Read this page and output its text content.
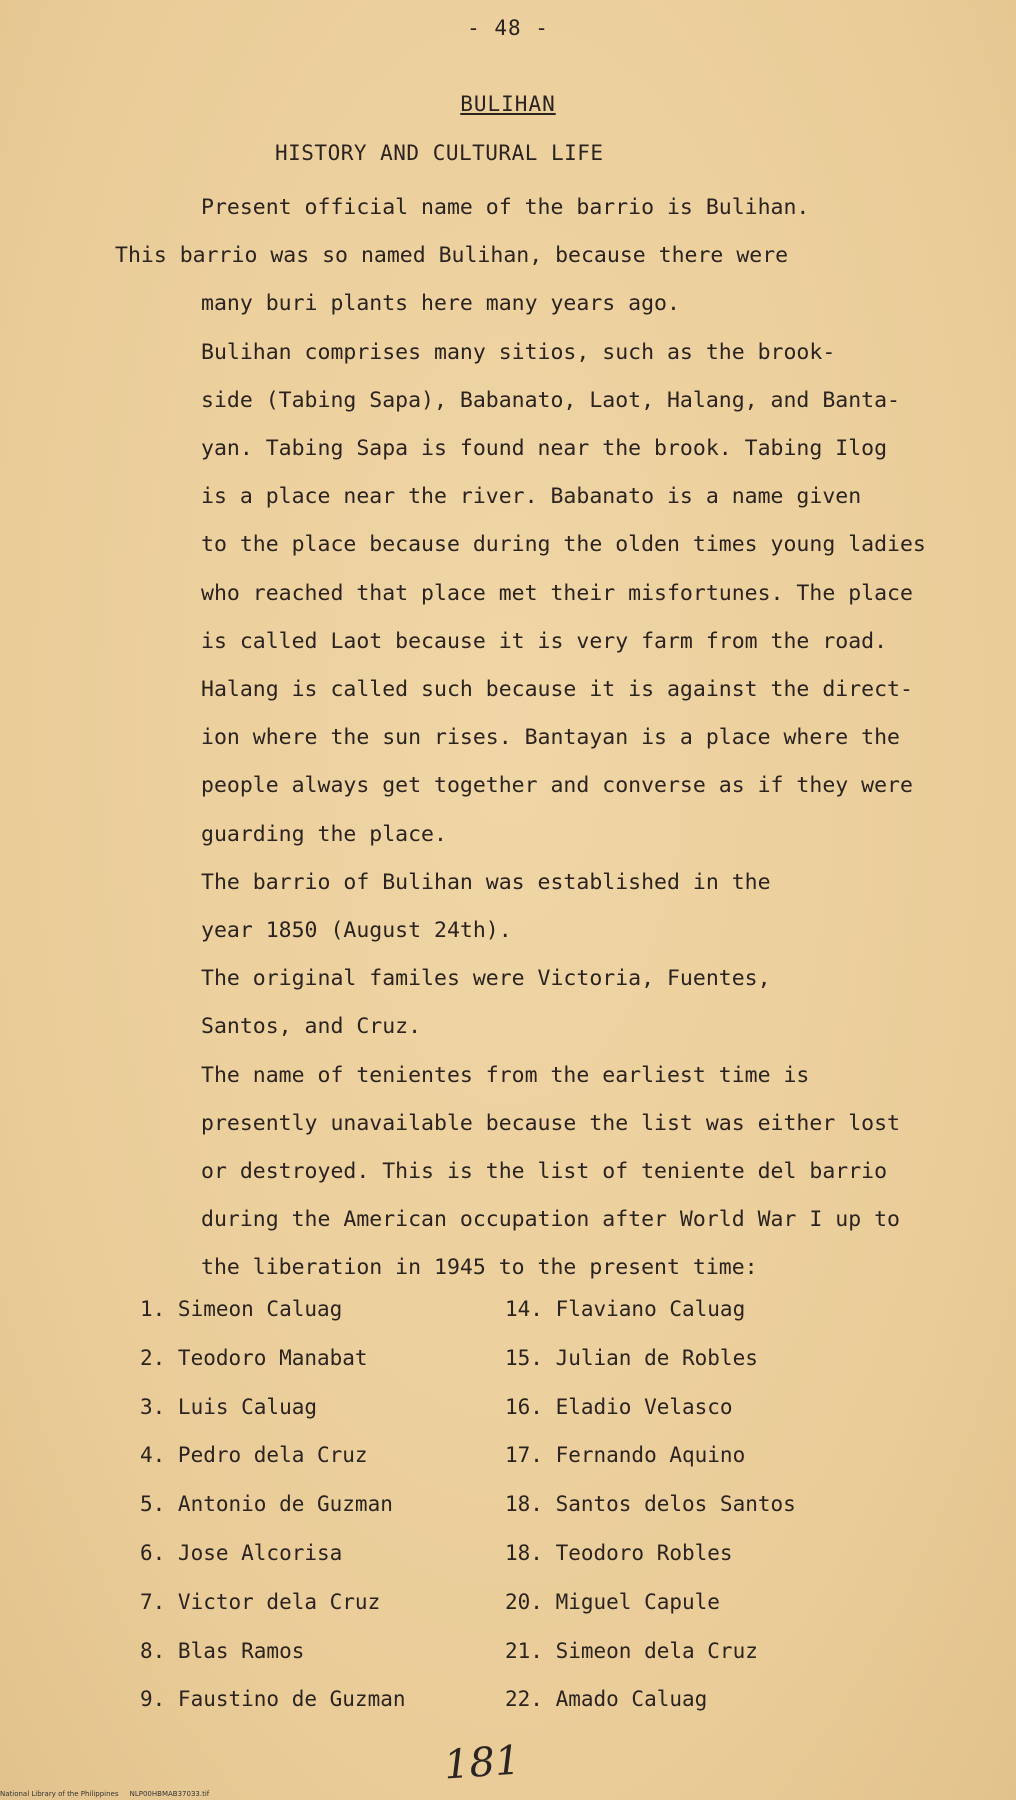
- 48 -
BULIHAN
HISTORY AND CULTURAL LIFE

Present official name of the barrio is Bulihan.
This barrio was so named Bulihan, because there were
many buri plants here many years ago.

Bulihan comprises many sitios, such as the brook-
side (Tabing Sapa), Babanato, Laot, Halang, and Banta-
yan. Tabing Sapa is found near the brook. Tabing Ilog
is a place near the river. Babanato is a name given
to the place because during the olden times young ladies
who reached that place met their misfortunes. The place
is called Laot because it is very farm from the road.
Halang is called such because it is against the direct-
ion where the sun rises. Bantayan is a place where the
people always get together and converse as if they were
guarding the place.

The barrio of Bulihan was established in the
year 1850 (August 24th).

The original familes were Victoria, Fuentes,
Santos, and Cruz.

The name of tenientes from the earliest time is
presently unavailable because the list was either lost
or destroyed. This is the list of teniente del barrio
during the American occupation after World War I up to
the liberation in 1945 to the present time:

1. Simeon Caluag	14. Flaviano Caluag
2. Teodoro Manabat	15. Julian de Robles
3. Luis Caluag	16. Eladio Velasco
4. Pedro dela Cruz	17. Fernando Aquino
5. Antonio de Guzman	18. Santos delos Santos
6. Jose Alcorisa	18. Teodoro Robles
7. Victor dela Cruz	20. Miguel Capule
8. Blas Ramos	21. Simeon dela Cruz
9. Faustino de Guzman	22. Amado Caluag
181
National Library of the Philippines     NLP00HBMAB37033.tif
